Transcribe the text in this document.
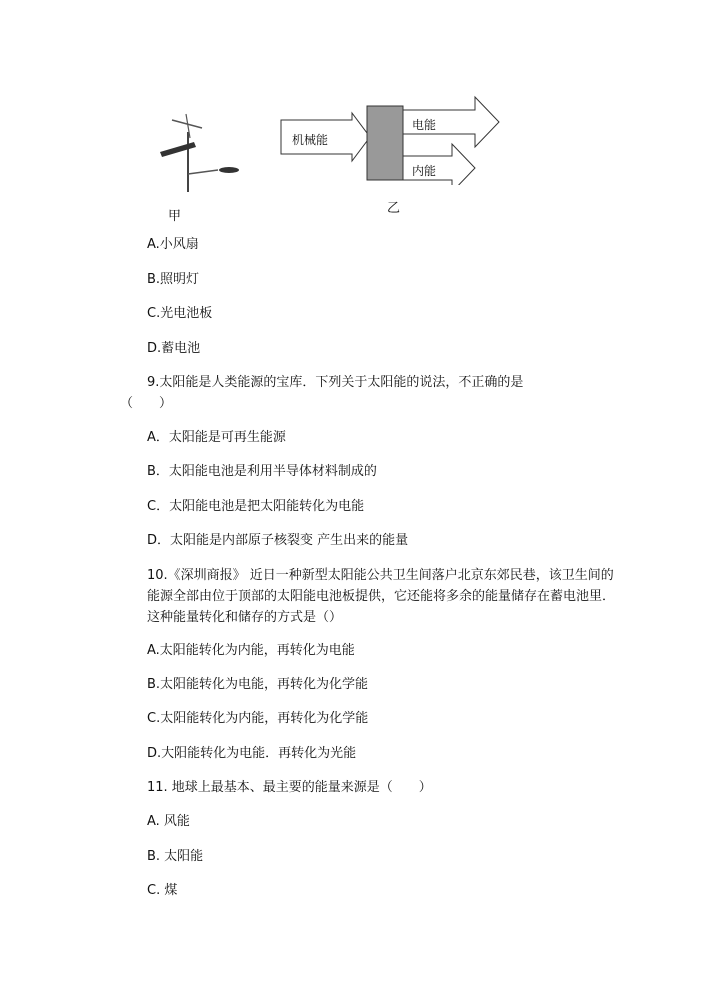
甲
机械能
电能
内能
乙
A.小风扇
B.照明灯
C.光电池板
D.蓄电池
9.太阳能是人类能源的宝库．下列关于太阳能的说法，不正确的是
（　　）
A．太阳能是可再生能源
B．太阳能电池是利用半导体材料制成的
C．太阳能电池是把太阳能转化为电能
D．太阳能是内部原子核裂变 产生出来的能量
10.《深圳商报》 近日一种新型太阳能公共卫生间落户北京东郊民巷，该卫生间的能源全部由位于顶部的太阳能电池板提供，它还能将多余的能量储存在蓄电池里．这种能量转化和储存的方式是（）
A.太阳能转化为内能，再转化为电能
B.太阳能转化为电能，再转化为化学能
C.太阳能转化为内能，再转化为化学能
D.大阳能转化为电能．再转化为光能
11. 地球上最基本、最主要的能量来源是（　　）
A. 风能
B. 太阳能
C. 煤
